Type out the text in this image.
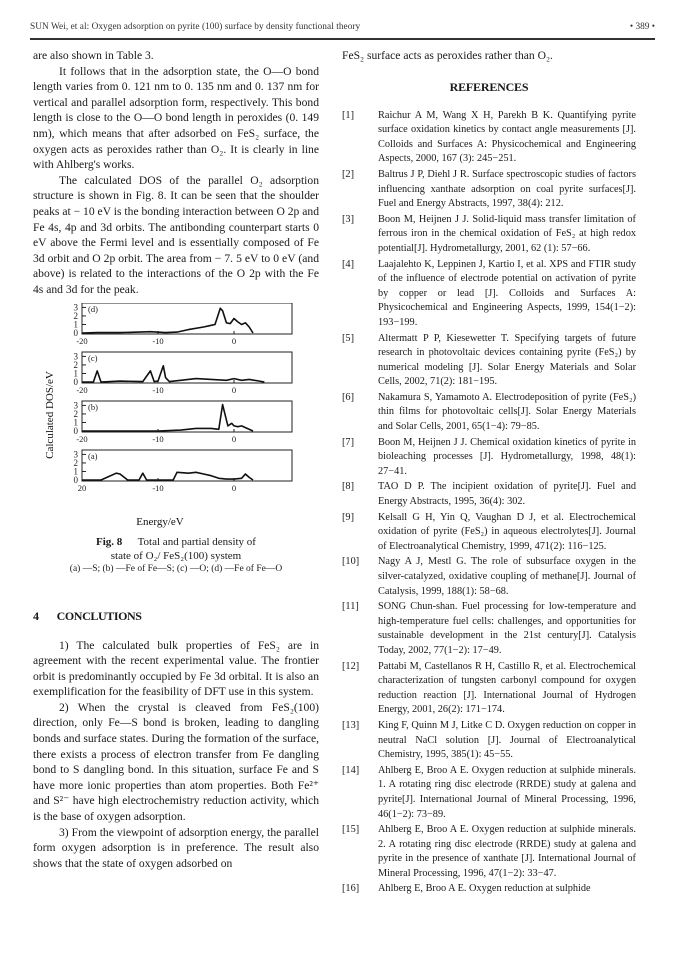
SUN Wei, et al: Oxygen adsorption on pyrite (100) surface by density functional theory	• 389 •

are also shown in Table 3.

It follows that in the adsorption state, the O—O bond length varies from 0. 121 nm to 0. 135 nm and 0. 137 nm for vertical and parallel adsorption form, respectively. This bond length is close to the O—O bond length in peroxides (0. 149 nm), which means that after adsorbed on FeS₂ surface, the oxygen acts as peroxides rather than O₂. It is clearly in line with Ahlberg's works.

The calculated DOS of the parallel O₂ adsorption structure is shown in Fig. 8. It can be seen that the shoulder peaks at − 10 eV is the bonding interaction between O 2p and Fe 4s, 4p and 3d orbits. The antibonding counterpart starts 0 eV above the Fermi level and is essentially composed of Fe 3d orbit and O 2p orbit. The area from − 7. 5 eV to 0 eV (and above) is related to the interactions of the O 2p with the Fe 4s and 3d for the peak.

0
1
2
3 (d)
-20	-10	0
0
1
2
3 (c)
-20	-10	0
0
1
2
3 (b)
-20	-10	0
0
1
2
3 (a)
20	-10	0
Calculated DOS/eV
Energy/eV
Fig. 8 Total and partial density of
state of O₂/ FeS₂(100) system
(a) —S; (b) —Fe of Fe—S; (c) —O; (d) —Fe of Fe—O
4 CONCLUTIONS

1) The calculated bulk properties of FeS₂ are in agreement with the recent experimental value. The frontier orbit is predominantly occupied by Fe 3d orbital. It is also an exemplification for the feasibility of DFT use in this system.

2) When the crystal is cleaved from FeS₂(100) direction, only Fe—S bond is broken, leading to dangling bonds and surface states. During the formation of the surface, there exists a process of electron transfer from Fe dangling bond to S dangling bond. In this situation, surface Fe and S have more ionic properties than atom properties. Both Fe²⁺ and S²⁻ have high electrochemistry reduction activity, which is the base of oxygen adsorption.

3) From the viewpoint of adsorption energy, the parallel form oxygen adsorption is in preference. The result also shows that the state of oxygen adsorbed on

FeS₂ surface acts as peroxides rather than O₂.

REFERENCES
[1] Raichur A M, Wang X H, Parekh B K. Quantifying pyrite surface oxidation kinetics by contact angle measurements [J]. Colloids and Surfaces A: Physicochemical and Engineering Aspects, 2000, 167 (3): 245−251.
[2] Baltrus J P, Diehl J R. Surface spectroscopic studies of factors influencing xanthate adsorption on coal pyrite surfaces[J]. Fuel and Energy Abstracts, 1997, 38(4): 212.
[3] Boon M, Heijnen J J. Solid-liquid mass transfer limitation of ferrous iron in the chemical oxidation of FeS₂ at high redox potential[J]. Hydrometallurgy, 2001, 62 (1): 57−66.
[4] Laajalehto K, Leppinen J, Kartio I, et al. XPS and FTIR study of the influence of electrode potential on activation of pyrite by copper or lead [J]. Colloids and Surfaces A: Physicochemical and Engineering Aspects, 1999, 154(1−2): 193−199.
[5] Altermatt P P, Kiesewetter T. Specifying targets of future research in photovoltaic devices containing pyrite (FeS₂) by numerical modeling [J]. Solar Energy Materials and Solar Cells, 2002, 71(2): 181−195.
[6] Nakamura S, Yamamoto A. Electrodeposition of pyrite (FeS₂) thin films for photovoltaic cells[J]. Solar Energy Materials and Solar Cells, 2001, 65(1−4): 79−85.
[7] Boon M, Heijnen J J. Chemical oxidation kinetics of pyrite in bioleaching processes [J]. Hydrometallurgy, 1998, 48(1): 27−41.
[8] TAO D P. The incipient oxidation of pyrite[J]. Fuel and Energy Abstracts, 1995, 36(4): 302.
[9] Kelsall G H, Yin Q, Vaughan D J, et al. Electrochemical oxidation of pyrite (FeS₂) in aqueous electrolytes[J]. Journal of Electroanalytical Chemistry, 1999, 471(2): 116−125.
[10] Nagy A J, Mestl G. The role of subsurface oxygen in the silver-catalyzed, oxidative coupling of methane[J]. Journal of Catalysis, 1999, 188(1): 58−68.
[11] SONG Chun-shan. Fuel processing for low-temperature and high-temperature fuel cells: challenges, and opportunities for sustainable development in the 21st century[J]. Catalysis Today, 2002, 77(1−2): 17−49.
[12] Pattabi M, Castellanos R H, Castillo R, et al. Electrochemical characterization of tungsten carbonyl compound for oxygen reduction reaction [J]. International Journal of Hydrogen Energy, 2001, 26(2): 171−174.
[13] King F, Quinn M J, Litke C D. Oxygen reduction on copper in neutral NaCl solution [J]. Journal of Electroanalytical Chemistry, 1995, 385(1): 45−55.
[14] Ahlberg E, Broo A E. Oxygen reduction at sulphide minerals. 1. A rotating ring disc electrode (RRDE) study at galena and pyrite[J]. International Journal of Mineral Processing, 1996, 46(1−2): 73−89.
[15] Ahlberg E, Broo A E. Oxygen reduction at sulphide minerals. 2. A rotating ring disc electrode (RRDE) study at galena and pyrite in the presence of xanthate [J]. International Journal of Mineral Processing, 1996, 47(1−2): 33−47.
[16] Ahlberg E, Broo A E. Oxygen reduction at sulphide
